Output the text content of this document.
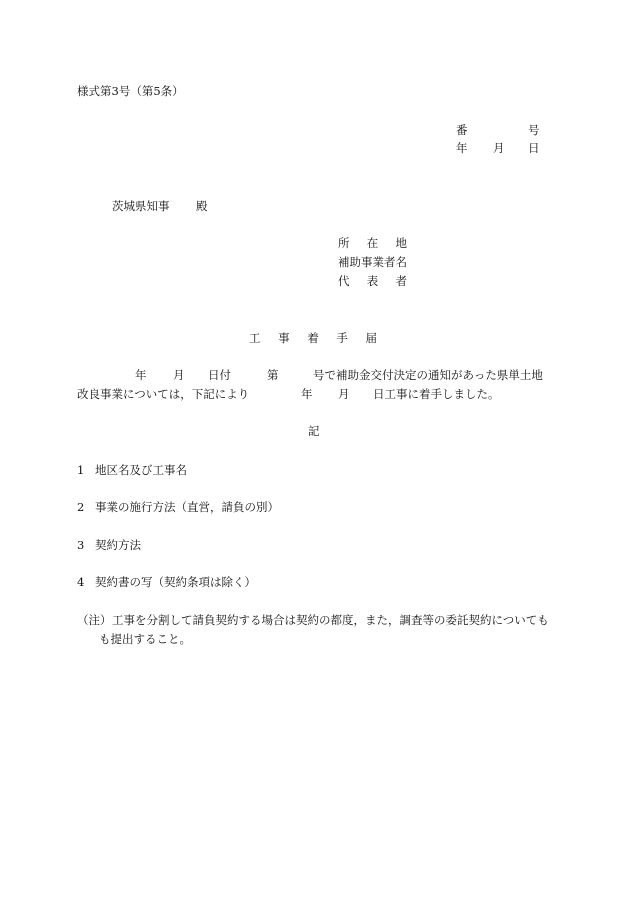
様式第3号（第5条）
番	号
年 月 日
茨城県知事 殿
所 在 地
補助事業者名
代 表 者
工 事 着 手 届
年 月 日付	第	号で補助金交付決定の通知があった県単土地
改良事業については，下記により	年 月 日工事に着手しました。
記
1 地区名及び工事名
2 事業の施行方法（直営，請負の別）
3 契約方法
4 契約書の写（契約条項は除く）
（注） 工事を分割して請負契約する場合は契約の都度，また，調査等の委託契約についても
も提出すること。
